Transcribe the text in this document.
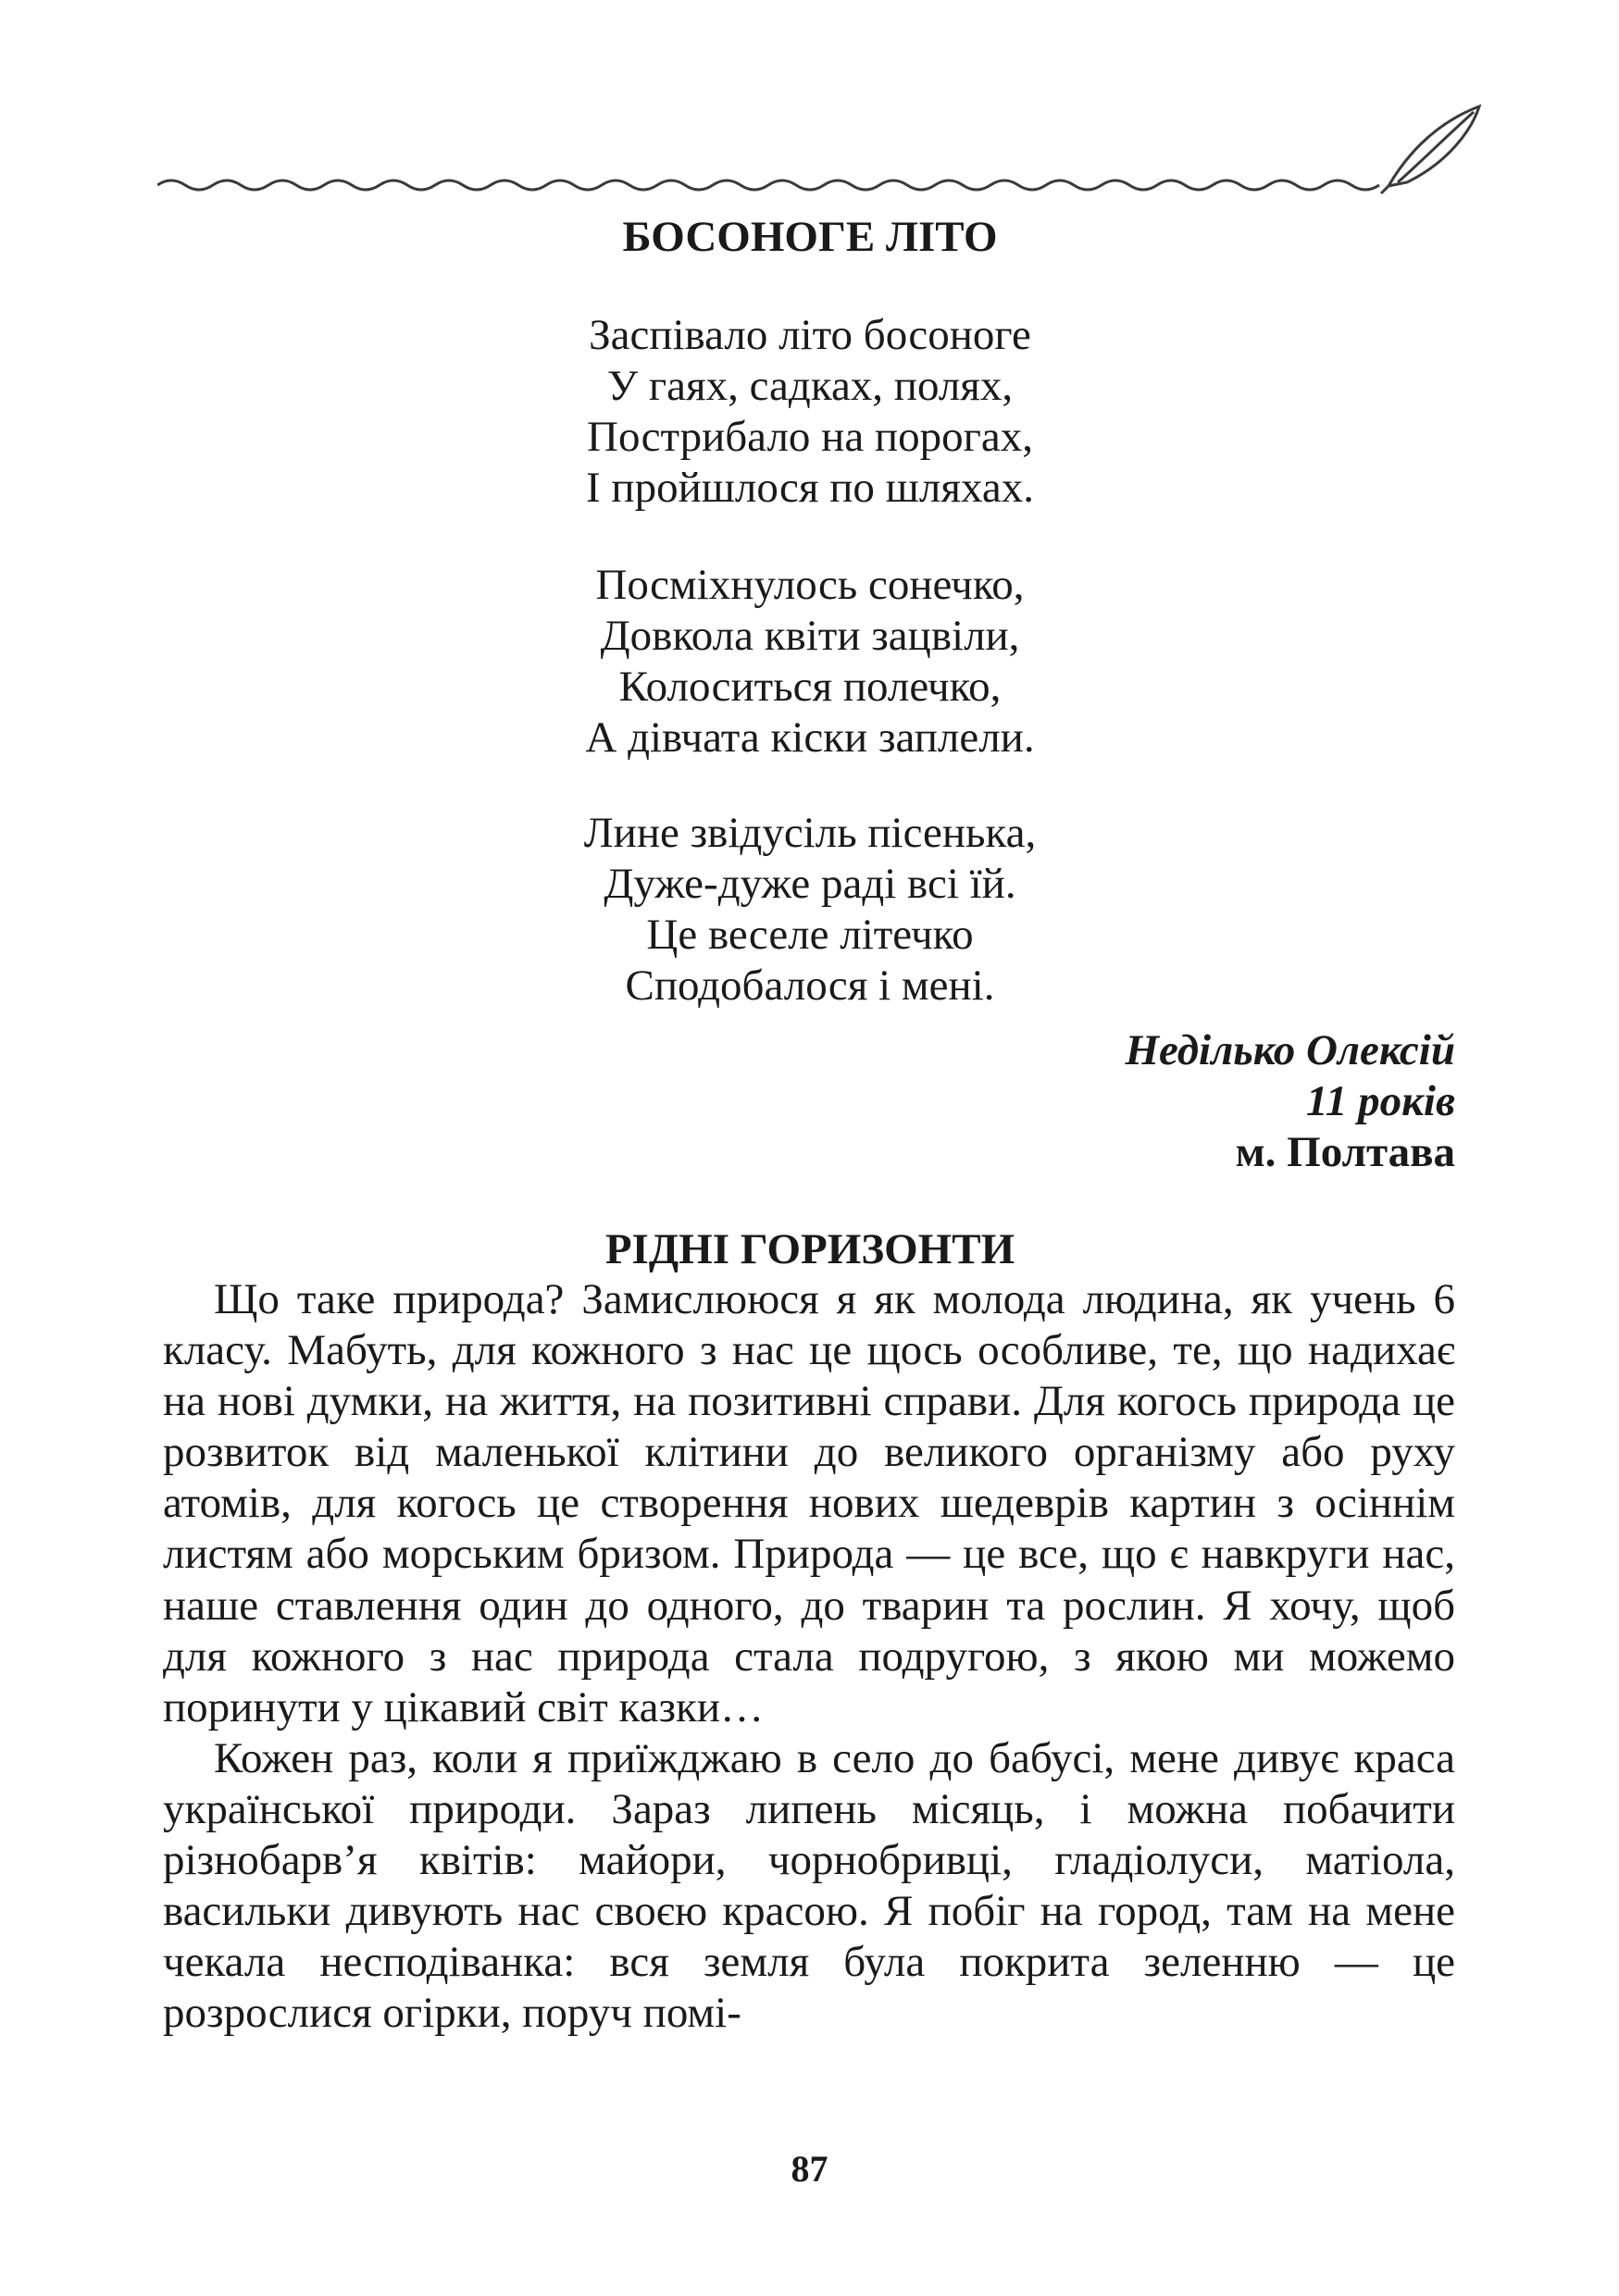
БОСОНОГЕ ЛІТО
Заспівало літо босоноге
У гаях, садках, полях,
Пострибало на порогах,
І пройшлося по шляхах.
Посміхнулось сонечко,
Довкола квіти зацвіли,
Колоситься полечко,
А дівчата кіски заплели.
Лине звідусіль пісенька,
Дуже-дуже раді всі їй.
Це веселе літечко
Сподобалося і мені.
Неділько Олексій
11 років
м. Полтава
РІДНІ ГОРИЗОНТИ

Що таке природа? Замислююся я як молода людина, як учень 6 класу. Мабуть, для кожного з нас це щось особливе, те, що надихає на нові думки, на життя, на позитивні справи. Для когось природа це розвиток від маленької клітини до великого організму або руху атомів, для когось це створення нових шедеврів картин з осіннім листям або морським бризом. Природа — це все, що є навкруги нас, наше ставлення один до одного, до тварин та рослин. Я хочу, щоб для кожного з нас природа стала подругою, з якою ми можемо поринути у цікавий світ казки…

Кожен раз, коли я приїжджаю в село до бабусі, мене дивує краса української природи. Зараз липень місяць, і можна побачити різнобарв’я квітів: майори, чорнобривці, гладіолуси, матіола, васильки дивують нас своєю красою. Я побіг на город, там на мене чекала несподіванка: вся земля була покрита зеленню — це розрослися огірки, поруч помі-

87
